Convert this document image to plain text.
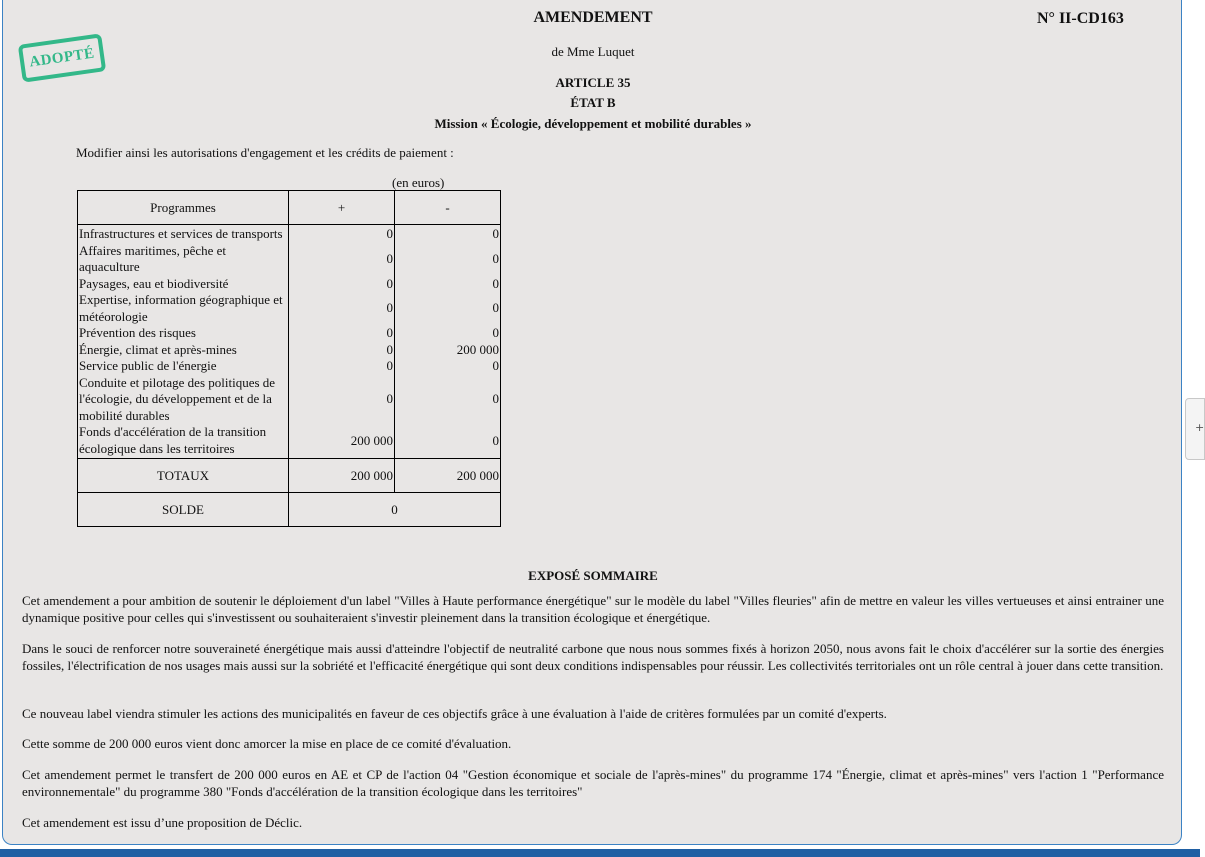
AMENDEMENT	N° II-CD163
ADOPTÉ	de Mme Luquet
ARTICLE 35
ÉTAT B
Mission « Écologie, développement et mobilité durables »
Modifier ainsi les autorisations d'engagement et les crédits de paiement :
(en euros)
Programmes	+	-
Infrastructures et services de transports	0	0
Affaires maritimes, pêche et aquaculture	0	0
Paysages, eau et biodiversité	0	0
Expertise, information géographique et météorologie	0	0
Prévention des risques	0	0
Énergie, climat et après-mines	0	200 000
Service public de l'énergie	0	0
Conduite et pilotage des politiques de l'écologie, du développement et de la mobilité durables	0	0
Fonds d'accélération de la transition écologique dans les territoires	200 000	0
TOTAUX	200 000	200 000
SOLDE	0	
EXPOSÉ SOMMAIRE
Cet amendement a pour ambition de soutenir le déploiement d'un label "Villes à Haute performance énergétique" sur le modèle du label "Villes fleuries" afin de mettre en valeur les villes vertueuses et ainsi entrainer une dynamique positive pour celles qui s'investissent ou souhaiteraient s'investir pleinement dans la transition écologique et énergétique.
Dans le souci de renforcer notre souveraineté énergétique mais aussi d'atteindre l'objectif de neutralité carbone que nous nous sommes fixés à horizon 2050, nous avons fait le choix d'accélérer sur la sortie des énergies fossiles, l'électrification de nos usages mais aussi sur la sobriété et l'efficacité énergétique qui sont deux conditions indispensables pour réussir. Les collectivités territoriales ont un rôle central à jouer dans cette transition.
Ce nouveau label viendra stimuler les actions des municipalités en faveur de ces objectifs grâce à une évaluation à l'aide de critères formulées par un comité d'experts.
Cette somme de 200 000 euros vient donc amorcer la mise en place de ce comité d'évaluation.
Cet amendement permet le transfert de 200 000 euros en AE et CP de l'action 04 "Gestion économique et sociale de l'après-mines" du programme 174 "Énergie, climat et après-mines" vers l'action 1 "Performance environnementale" du programme 380 "Fonds d'accélération de la transition écologique dans les territoires"
Cet amendement est issu d’une proposition de Déclic.
+
